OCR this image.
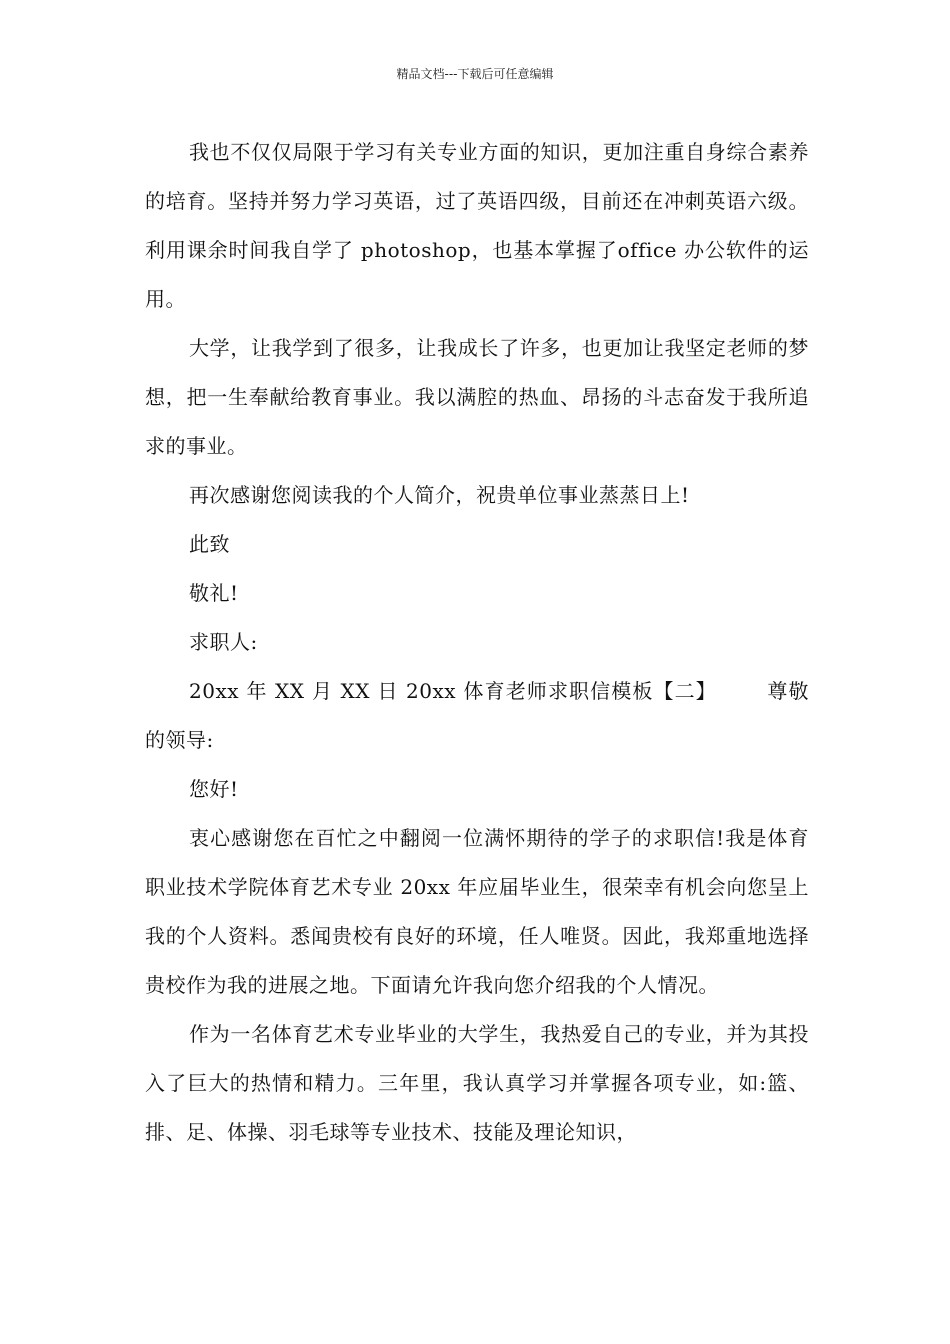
精品文档---下载后可任意编辑

我也不仅仅局限于学习有关专业方面的知识，更加注重自身综合素养的培育。坚持并努力学习英语，过了英语四级，目前还在冲刺英语六级。利用课余时间我自学了 photoshop，也基本掌握了office 办公软件的运用。

大学，让我学到了很多，让我成长了许多，也更加让我坚定老师的梦想，把一生奉献给教育事业。我以满腔的热血、昂扬的斗志奋发于我所追求的事业。

再次感谢您阅读我的个人简介，祝贵单位事业蒸蒸日上!

此致

敬礼!

求职人:

20xx 年 XX 月 XX 日 20xx 体育老师求职信模板【二】	尊敬的领导:

您好!

衷心感谢您在百忙之中翻阅一位满怀期待的学子的求职信!我是体育职业技术学院体育艺术专业 20xx 年应届毕业生，很荣幸有机会向您呈上我的个人资料。悉闻贵校有良好的环境，任人唯贤。因此，我郑重地选择贵校作为我的进展之地。下面请允许我向您介绍我的个人情况。

作为一名体育艺术专业毕业的大学生，我热爱自己的专业，并为其投入了巨大的热情和精力。三年里，我认真学习并掌握各项专业，如:篮、排、足、体操、羽毛球等专业技术、技能及理论知识，
